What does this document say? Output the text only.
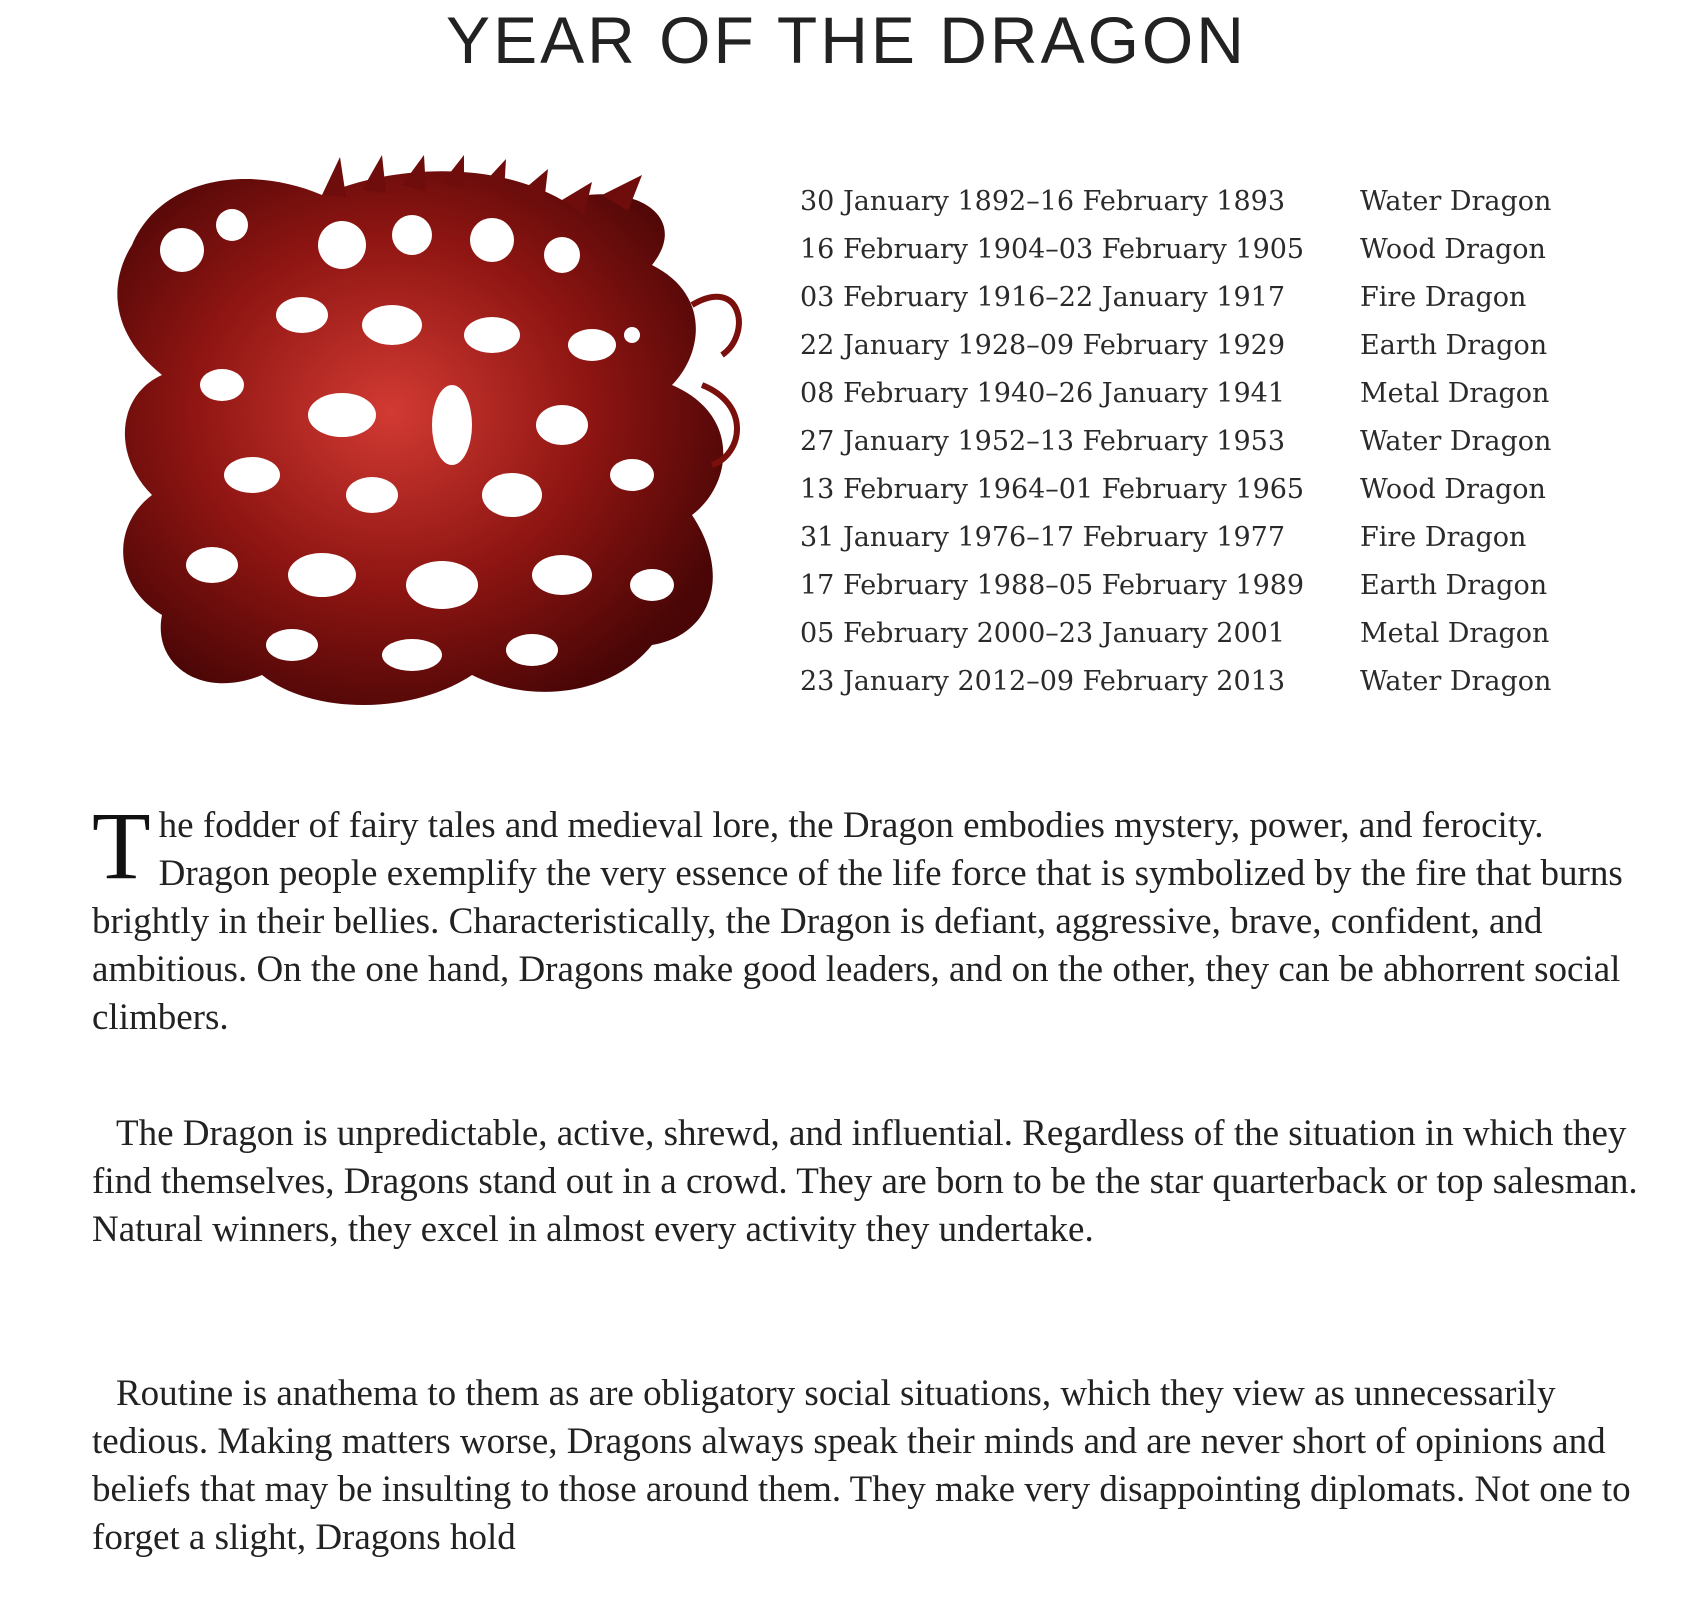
YEAR OF THE DRAGON
30 January 1892–16 February 1893	Water Dragon
16 February 1904–03 February 1905 Wood Dragon
03 February 1916–22 January 1917	Fire Dragon
22 January 1928–09 February 1929	Earth Dragon
08 February 1940–26 January 1941	Metal Dragon
27 January 1952–13 February 1953	Water Dragon
13 February 1964–01 February 1965 Wood Dragon
31 January 1976–17 February 1977	Fire Dragon
17 February 1988–05 February 1989 Earth Dragon
05 February 2000–23 January 2001	Metal Dragon
23 January 2012–09 February 2013	Water Dragon

The fodder of fairy tales and medieval lore, the Dragon embodies mystery, power, and ferocity. Dragon people exemplify the very essence of the life force that is symbolized by the fire that burns brightly in their bellies. Characteristically, the Dragon is defiant, aggressive, brave, confident, and ambitious. On the one hand, Dragons make good leaders, and on the other, they can be abhorrent social climbers.

The Dragon is unpredictable, active, shrewd, and influential. Regardless of the situation in which they find themselves, Dragons stand out in a crowd. They are born to be the star quarterback or top salesman. Natural winners, they excel in almost every activity they undertake.

Routine is anathema to them as are obligatory social situations, which they view as unnecessarily tedious. Making matters worse, Dragons always speak their minds and are never short of opinions and beliefs that may be insulting to those around them. They make very disappointing diplomats. Not one to forget a slight, Dragons hold
